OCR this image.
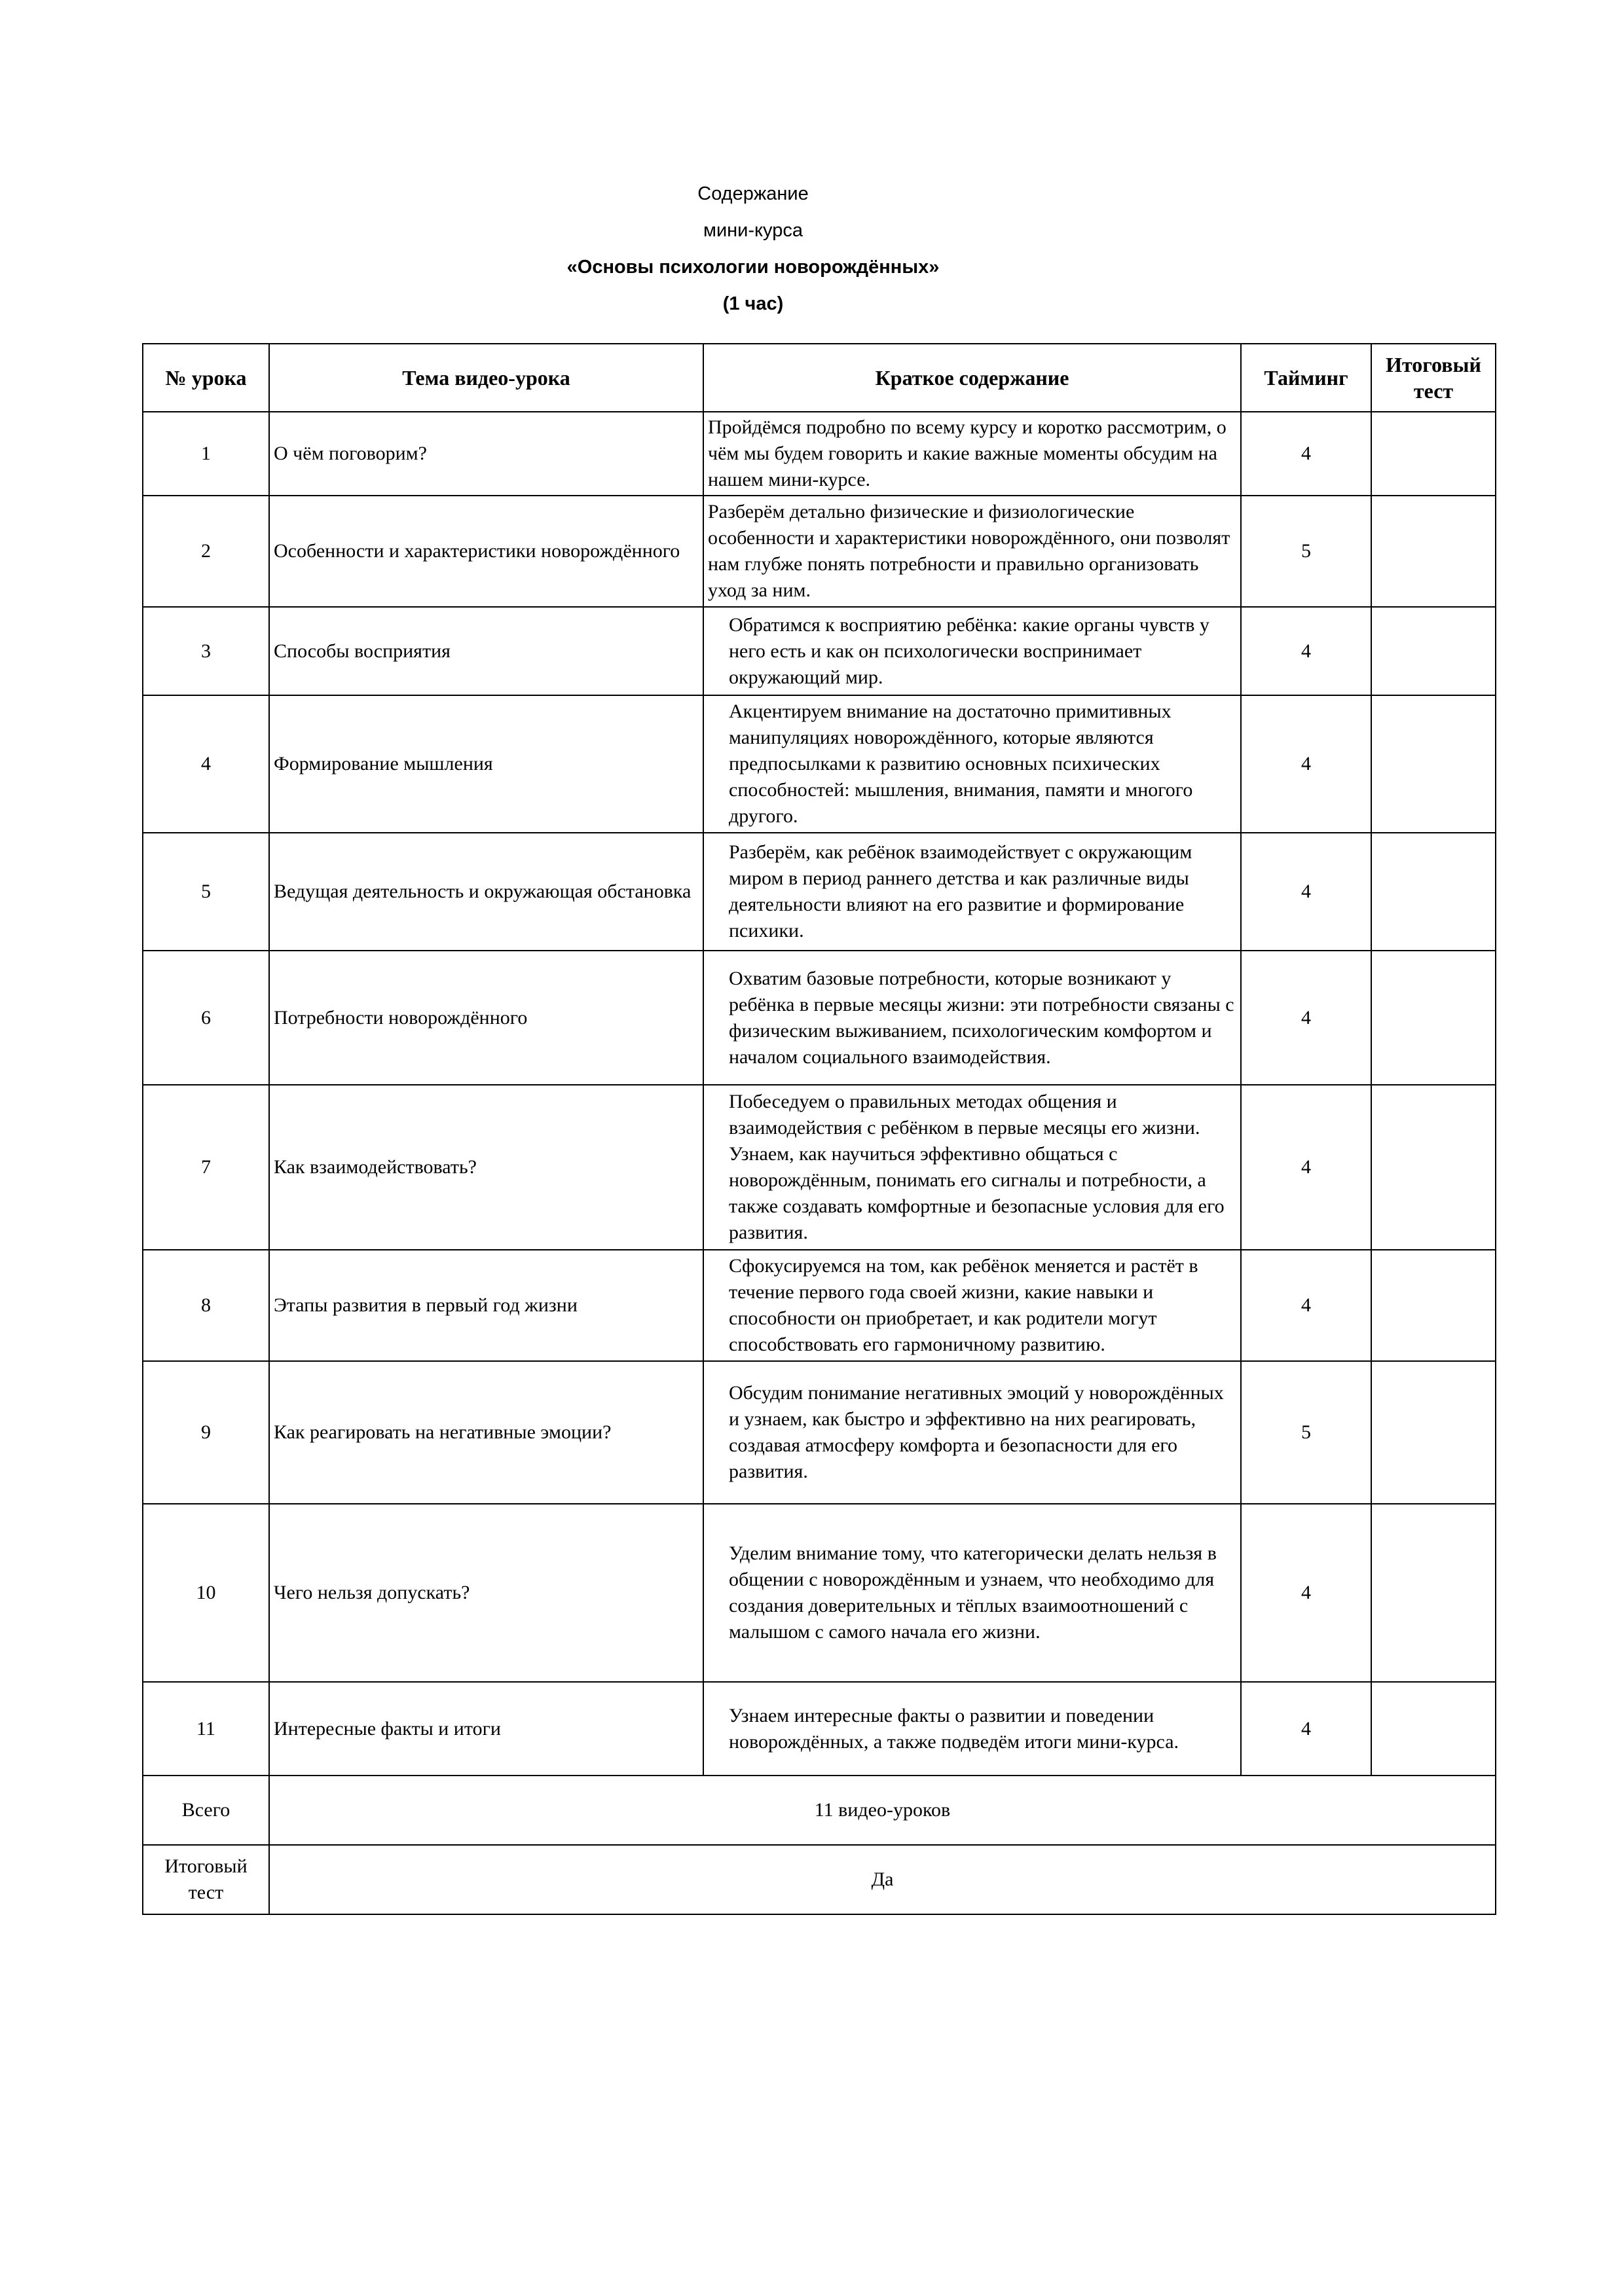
Содержание
мини-курса
«Основы психологии новорождённых»
(1 час)
№ урока	Тема видео-урока	Краткое содержание	Тайминг	Итоговый тест
1	О чём поговорим?	Пройдёмся подробно по всему курсу и коротко рассмотрим, о чём мы будем говорить и какие важные моменты обсудим на нашем мини-курсе.	4	
2	Особенности и характеристики новорождённого	Разберём детально физические и физиологические особенности и характеристики новорождённого, они позволят нам глубже понять потребности и правильно организовать уход за ним.	5	
3	Способы восприятия	Обратимся к восприятию ребёнка: какие органы чувств у него есть и как он психологически воспринимает окружающий мир.	4	
4	Формирование мышления	Акцентируем внимание на достаточно примитивных манипуляциях новорождённого, которые являются предпосылками к развитию основных психических способностей: мышления, внимания, памяти и многого другого.	4	
5	Ведущая деятельность и окружающая обстановка	Разберём, как ребёнок взаимодействует с окружающим миром в период раннего детства и как различные виды деятельности влияют на его развитие и формирование психики.	4	
6	Потребности новорождённого	Охватим базовые потребности, которые возникают у ребёнка в первые месяцы жизни: эти потребности связаны с физическим выживанием, психологическим комфортом и началом социального взаимодействия.	4	
7	Как взаимодействовать?	Побеседуем о правильных методах общения и взаимодействия с ребёнком в первые месяцы его жизни. Узнаем, как научиться эффективно общаться с новорождённым, понимать его сигналы и потребности, а также создавать комфортные и безопасные условия для его развития.	4	
8	Этапы развития в первый год жизни	Сфокусируемся на том, как ребёнок меняется и растёт в течение первого года своей жизни, какие навыки и способности он приобретает, и как родители могут способствовать его гармоничному развитию.	4	
9	Как реагировать на негативные эмоции?	Обсудим понимание негативных эмоций у новорождённых и узнаем, как быстро и эффективно на них реагировать, создавая атмосферу комфорта и безопасности для его развития.	5	
10	Чего нельзя допускать?	Уделим внимание тому, что категорически делать нельзя в общении с новорождённым и узнаем, что необходимо для создания доверительных и тёплых взаимоотношений с малышом с самого начала его жизни.	4	
11	Интересные факты и итоги	Узнаем интересные факты о развитии и поведении новорождённых, а также подведём итоги мини-курса.	4	
Всего	11 видео-уроков			
Итоговый тест	Да			
